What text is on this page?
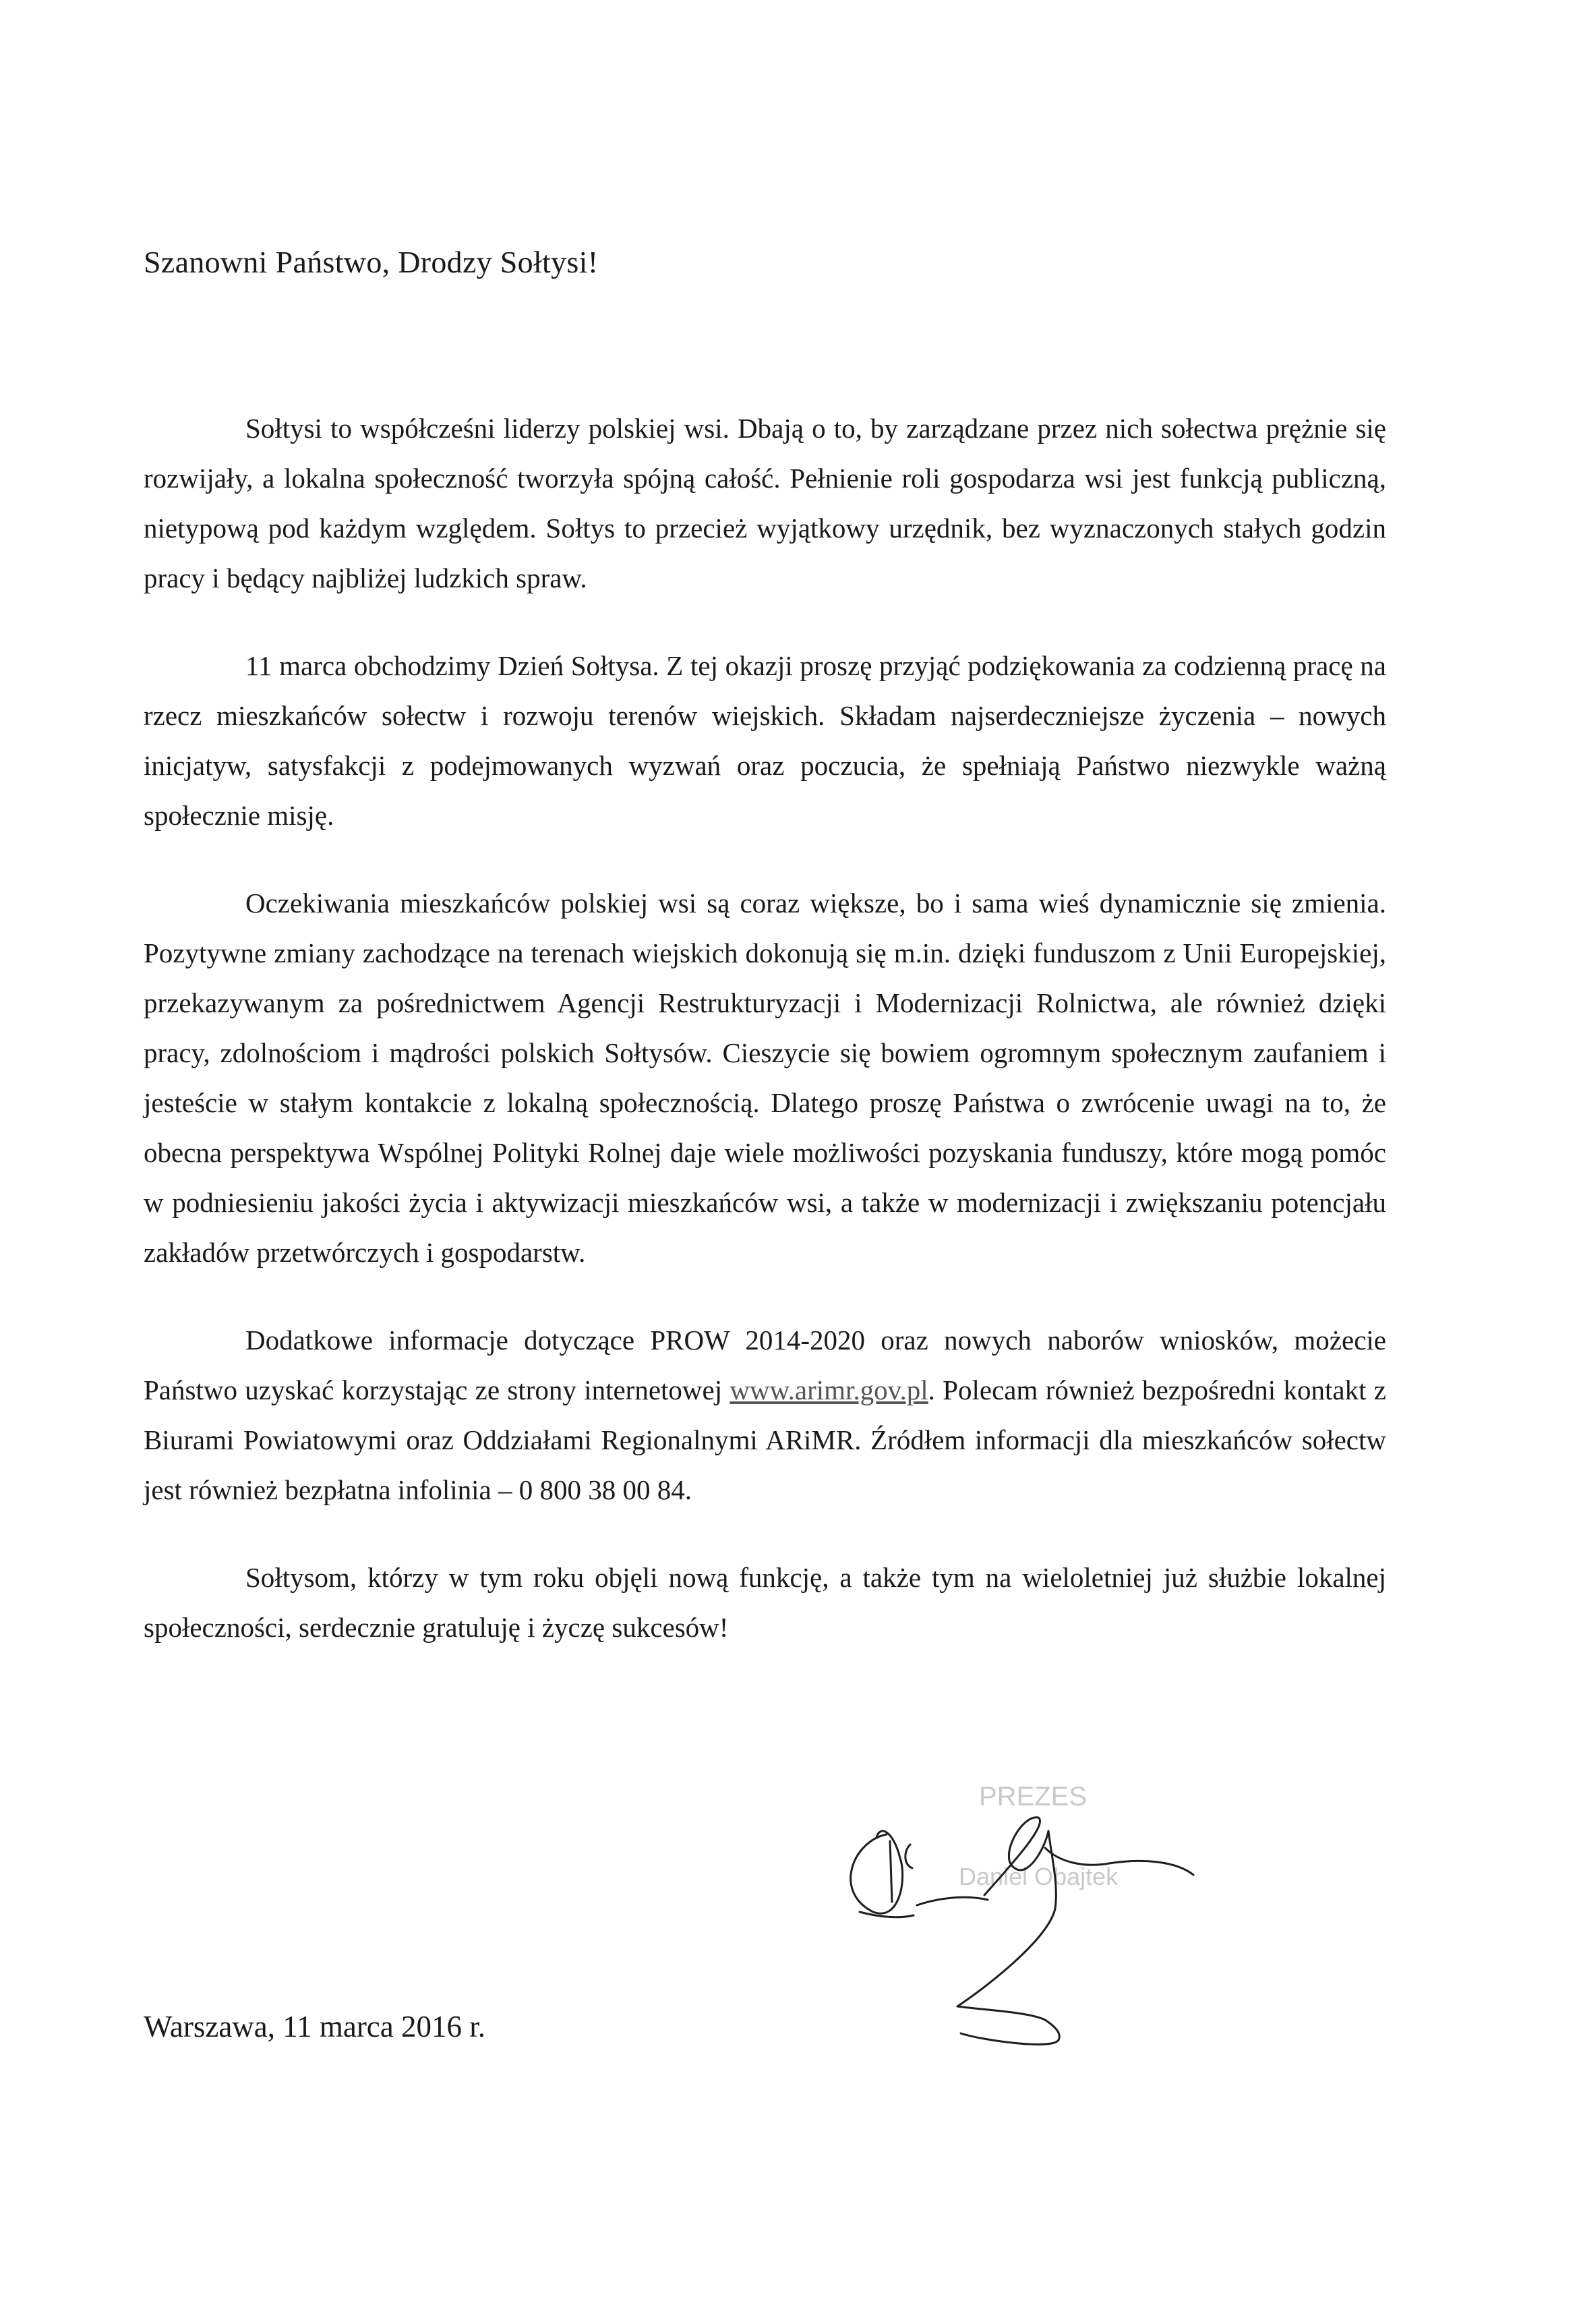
Szanowni Państwo, Drodzy Sołtysi!

Sołtysi to współcześni liderzy polskiej wsi. Dbają o to, by zarządzane przez nich sołectwa prężnie się rozwijały, a lokalna społeczność tworzyła spójną całość. Pełnienie roli gospodarza wsi jest funkcją publiczną, nietypową pod każdym względem. Sołtys to przecież wyjątkowy urzędnik, bez wyznaczonych stałych godzin pracy i będący najbliżej ludzkich spraw.

11 marca obchodzimy Dzień Sołtysa. Z tej okazji proszę przyjąć podziękowania za codzienną pracę na rzecz mieszkańców sołectw i rozwoju terenów wiejskich. Składam najserdeczniejsze życzenia – nowych inicjatyw, satysfakcji z podejmowanych wyzwań oraz poczucia, że spełniają Państwo niezwykle ważną społecznie misję.

Oczekiwania mieszkańców polskiej wsi są coraz większe, bo i sama wieś dynamicznie się zmienia. Pozytywne zmiany zachodzące na terenach wiejskich dokonują się m.in. dzięki funduszom z Unii Europejskiej, przekazywanym za pośrednictwem Agencji Restrukturyzacji i Modernizacji Rolnictwa, ale również dzięki pracy, zdolnościom i mądrości polskich Sołtysów. Cieszycie się bowiem ogromnym społecznym zaufaniem i jesteście w stałym kontakcie z lokalną społecznością. Dlatego proszę Państwa o zwrócenie uwagi na to, że obecna perspektywa Wspólnej Polityki Rolnej daje wiele możliwości pozyskania funduszy, które mogą pomóc w podniesieniu jakości życia i aktywizacji mieszkańców wsi, a także w modernizacji i zwiększaniu potencjału zakładów przetwórczych i gospodarstw.

Dodatkowe informacje dotyczące PROW 2014-2020 oraz nowych naborów wniosków, możecie Państwo uzyskać korzystając ze strony internetowej www.arimr.gov.pl. Polecam również bezpośredni kontakt z Biurami Powiatowymi oraz Oddziałami Regionalnymi ARiMR. Źródłem informacji dla mieszkańców sołectw jest również bezpłatna infolinia – 0 800 38 00 84.

Sołtysom, którzy w tym roku objęli nową funkcję, a także tym na wieloletniej już służbie lokalnej społeczności, serdecznie gratuluję i życzę sukcesów!

PREZES
Daniel Obajtek
Warszawa, 11 marca 2016 r.
